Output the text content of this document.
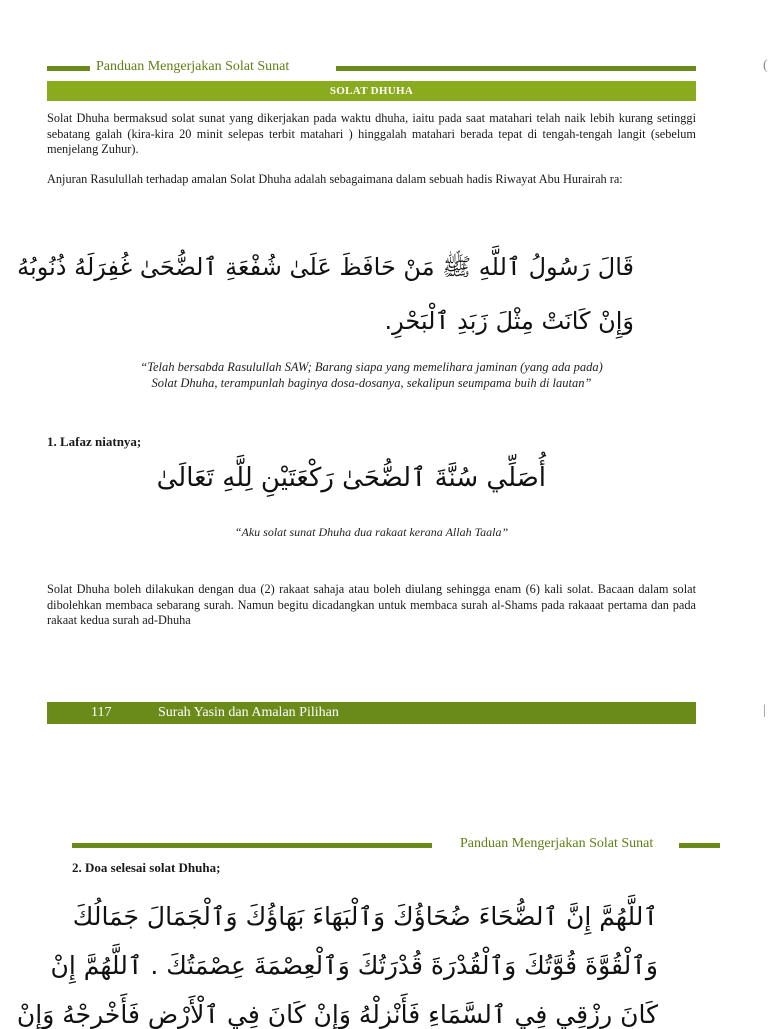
Panduan Mengerjakan Solat Sunat	(
SOLAT DHUHA
Solat Dhuha bermaksud solat sunat yang dikerjakan pada waktu dhuha, iaitu pada saat matahari telah naik lebih kurang setinggi sebatang galah (kira-kira 20 minit selepas terbit matahari ) hinggalah matahari berada tepat di tengah-tengah langit (sebelum menjelang Zuhur).
Anjuran Rasulullah terhadap amalan Solat Dhuha adalah sebagaimana dalam sebuah hadis Riwayat Abu Hurairah ra:
قَالَ رَسُولُ ٱللَّهِ ﷺ مَنْ حَافَظَ عَلَىٰ شُفْعَةِ ٱلضُّحَىٰ غُفِرَلَهُ ذُنُوبُهُ
وَإِنْ كَانَتْ مِثْلَ زَبَدِ ٱلْبَحْرِ.
“Telah bersabda Rasulullah SAW; Barang siapa yang memelihara jaminan (yang ada pada)
Solat Dhuha, terampunlah baginya dosa-dosanya, sekalipun seumpama buih di lautan”
1. Lafaz niatnya;
أُصَلِّي سُنَّةَ ٱلضُّحَىٰ رَكْعَتَيْنِ لِلَّهِ تَعَالَىٰ
“Aku solat sunat Dhuha dua rakaat kerana Allah Taala”
Solat Dhuha boleh dilakukan dengan dua (2) rakaat sahaja atau boleh diulang sehingga enam (6) kali solat. Bacaan dalam solat dibolehkan membaca sebarang surah. Namun begitu dicadangkan untuk membaca surah al-Shams pada rakaaat pertama dan pada rakaat kedua surah ad-Dhuha
117	Surah Yasin dan Amalan Pilihan	|
Panduan Mengerjakan Solat Sunat
2. Doa selesai solat Dhuha;
ٱللَّهُمَّ إِنَّ ٱلضُّحَاءَ ضُحَاؤُكَ وَٱلْبَهَاءَ بَهَاؤُكَ وَٱلْجَمَالَ جَمَالُكَ
وَٱلْقُوَّةَ قُوَّتُكَ وَٱلْقُدْرَةَ قُدْرَتُكَ وَٱلْعِصْمَةَ عِصْمَتُكَ . ٱللَّهُمَّ إِنْ
كَانَ رِزْقِي فِي ٱلسَّمَاءِ فَأَنْزِلْهُ وَإِنْ كَانَ فِي ٱلْأَرْضِ فَأَخْرِجْهُ وَإِنْ
